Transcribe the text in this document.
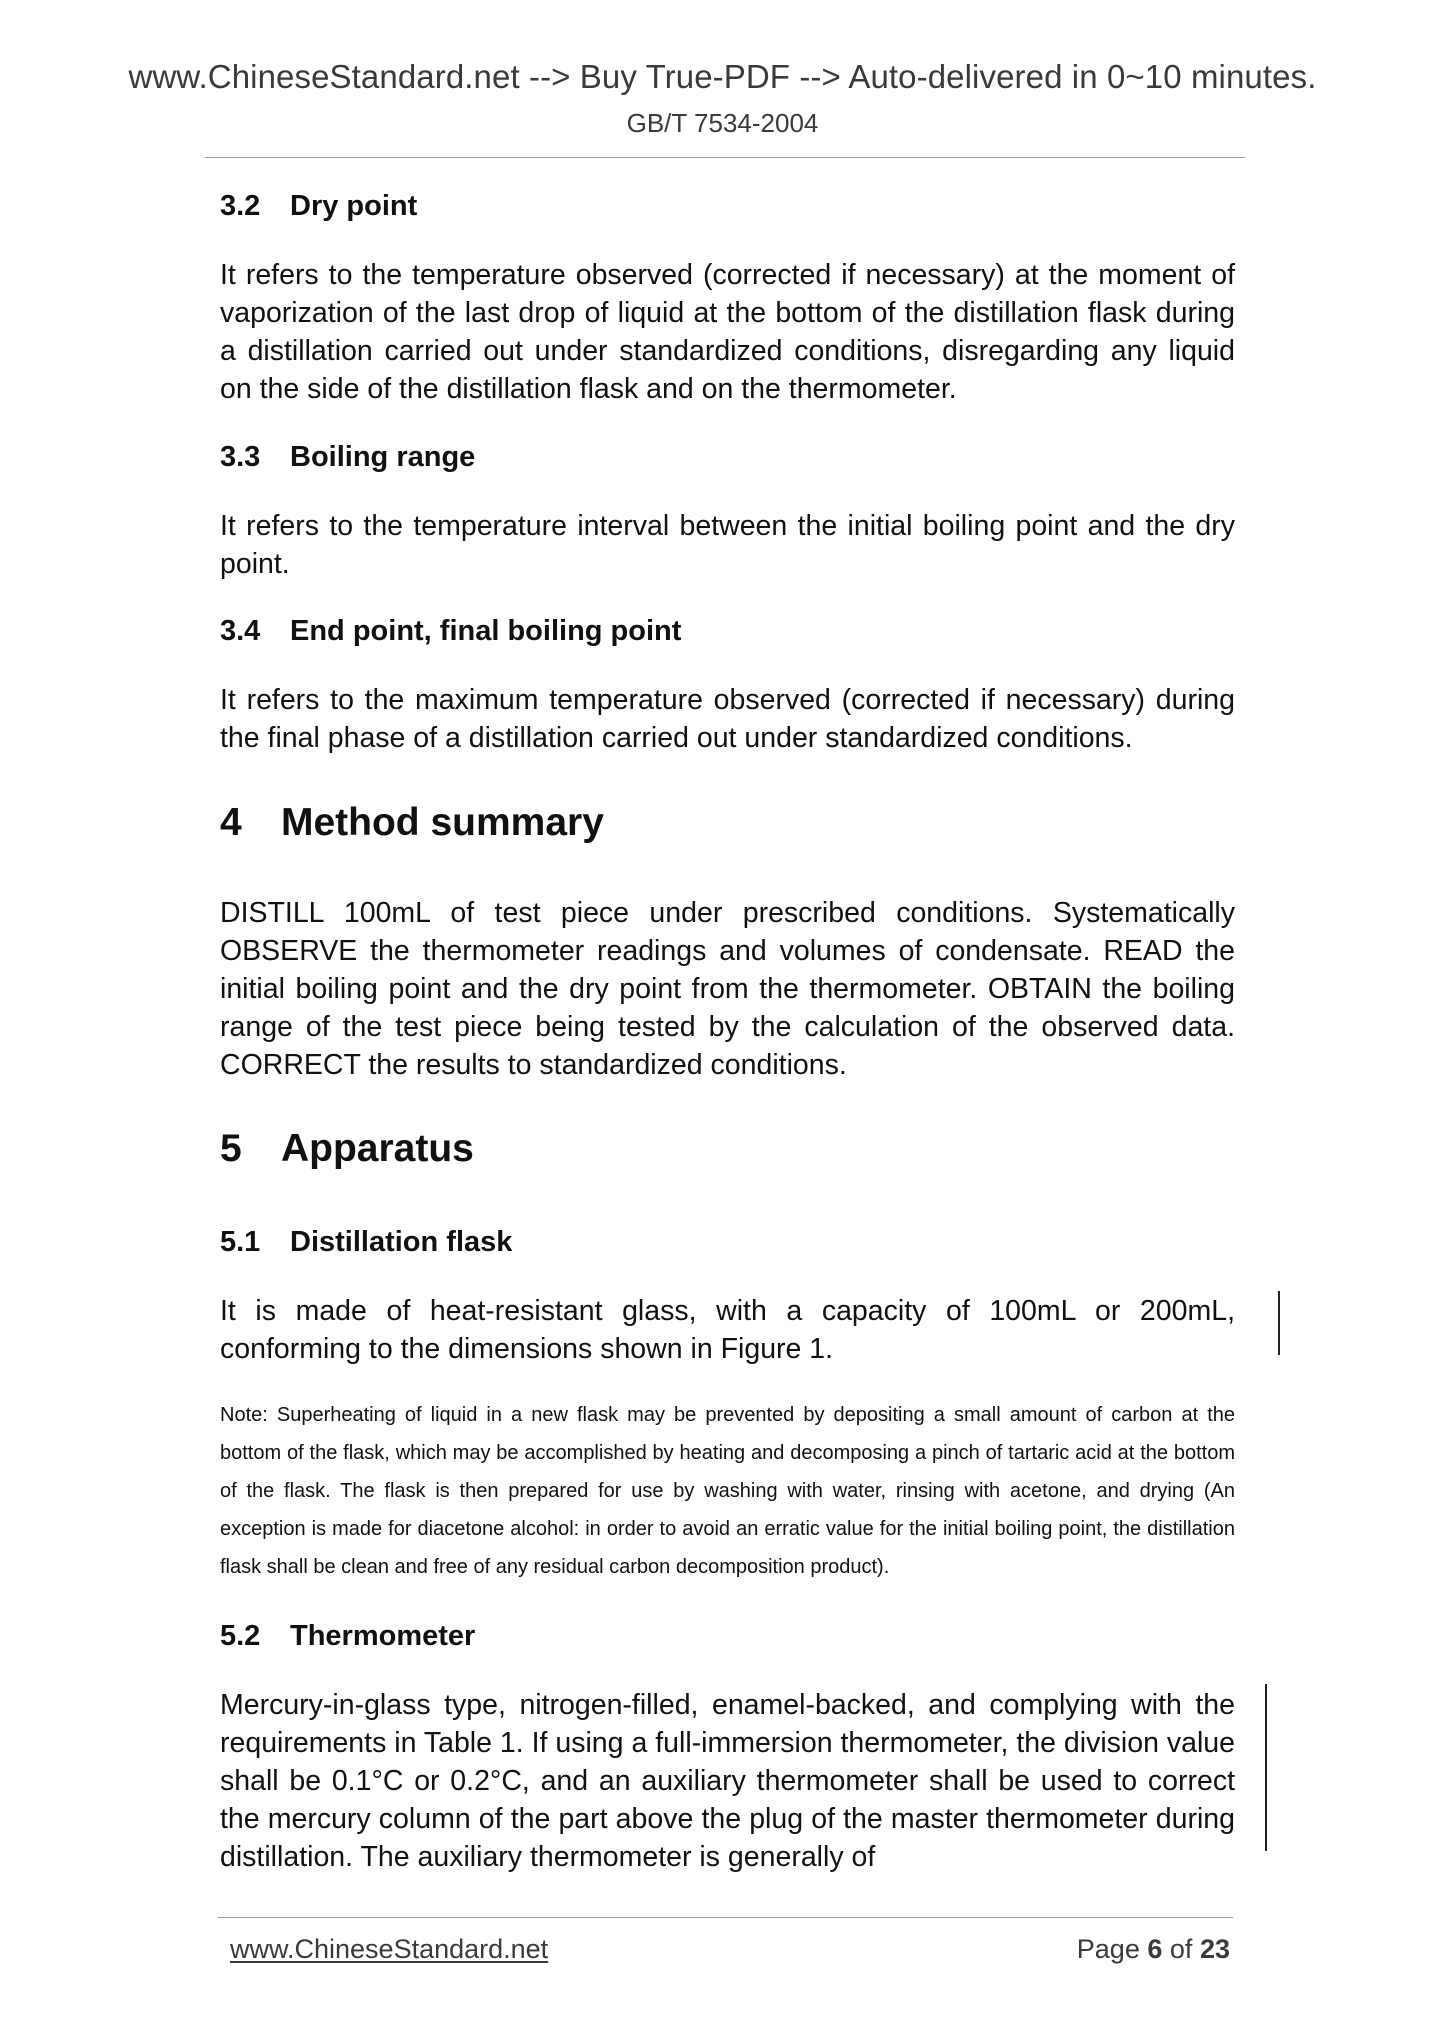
www.ChineseStandard.net --> Buy True-PDF --> Auto-delivered in 0~10 minutes.
GB/T 7534-2004
3.2 Dry point

It refers to the temperature observed (corrected if necessary) at the moment of vaporization of the last drop of liquid at the bottom of the distillation flask during a distillation carried out under standardized conditions, disregarding any liquid on the side of the distillation flask and on the thermometer.

3.3 Boiling range

It refers to the temperature interval between the initial boiling point and the dry point.

3.4 End point, final boiling point

It refers to the maximum temperature observed (corrected if necessary) during the final phase of a distillation carried out under standardized conditions.

4 Method summary

DISTILL 100mL of test piece under prescribed conditions. Systematically OBSERVE the thermometer readings and volumes of condensate. READ the initial boiling point and the dry point from the thermometer. OBTAIN the boiling range of the test piece being tested by the calculation of the observed data. CORRECT the results to standardized conditions.

5 Apparatus
5.1 Distillation flask

It is made of heat-resistant glass, with a capacity of 100mL or 200mL, conforming to the dimensions shown in Figure 1.

Note: Superheating of liquid in a new flask may be prevented by depositing a small amount of carbon at the bottom of the flask, which may be accomplished by heating and decomposing a pinch of tartaric acid at the bottom of the flask. The flask is then prepared for use by washing with water, rinsing with acetone, and drying (An exception is made for diacetone alcohol: in order to avoid an erratic value for the initial boiling point, the distillation flask shall be clean and free of any residual carbon decomposition product).

5.2 Thermometer

Mercury-in-glass type, nitrogen-filled, enamel-backed, and complying with the requirements in Table 1. If using a full-immersion thermometer, the division value shall be 0.1°C or 0.2°C, and an auxiliary thermometer shall be used to correct the mercury column of the part above the plug of the master thermometer during distillation. The auxiliary thermometer is generally of

www.ChineseStandard.net	Page 6 of 23
